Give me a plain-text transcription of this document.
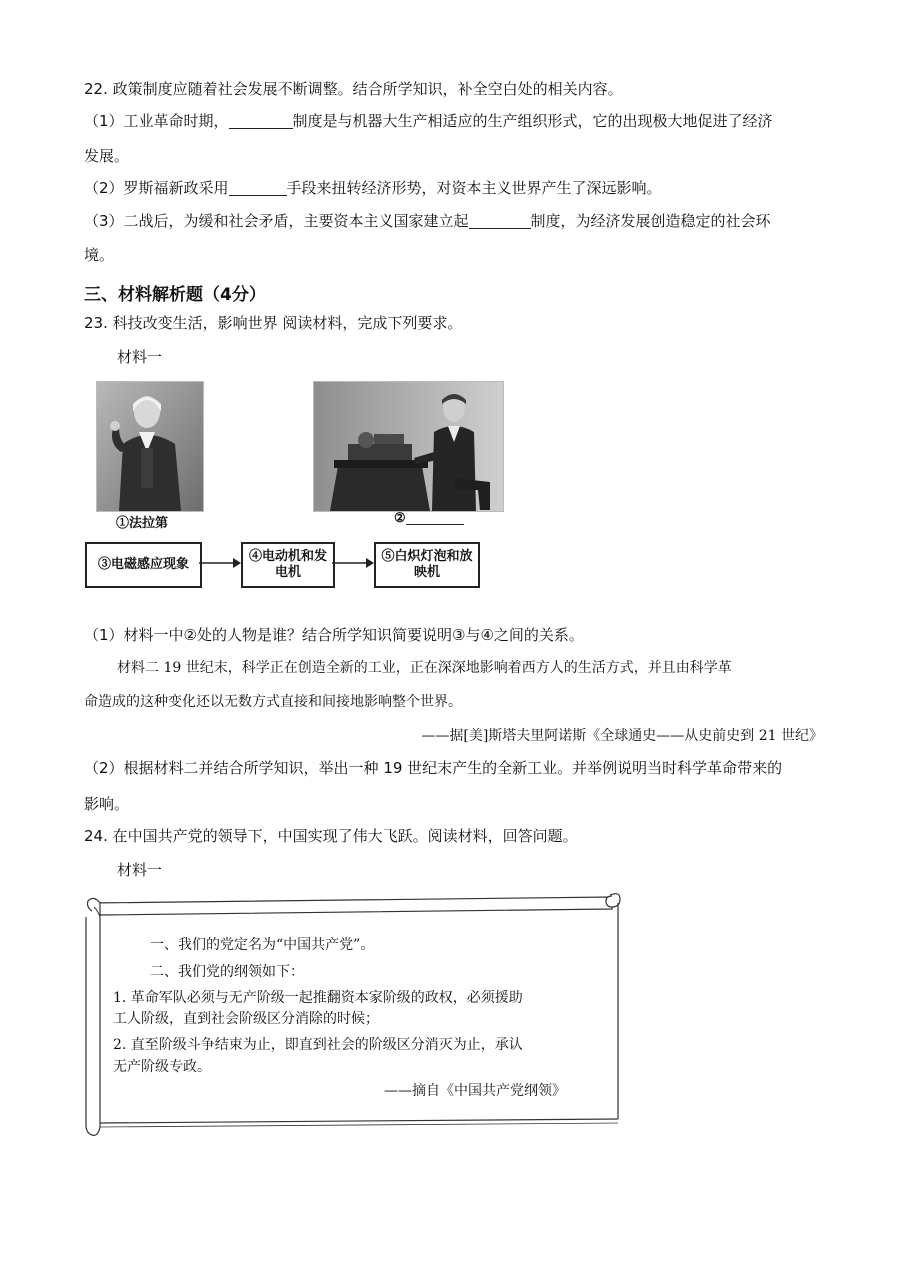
22. 政策制度应随着社会发展不断调整。结合所学知识，补全空白处的相关内容。
（1）工业革命时期，	制度是与机器大生产相适应的生产组织形式，它的出现极大地促进了经济
发展。
（2）罗斯福新政采用	手段来扭转经济形势，对资本主义世界产生了深远影响。
（3）二战后，为缓和社会矛盾，主要资本主义国家建立起	制度，为经济发展创造稳定的社会环
境。
三、材料解析题（4分）
23. 科技改变生活，影响世界 阅读材料，完成下列要求。
材料一
①法拉第	②
③电磁感应现象
④电动机和发电机
⑤白炽灯泡和放映机
（1）材料一中②处的人物是谁？结合所学知识简要说明③与④之间的关系。
材料二 19 世纪末，科学正在创造全新的工业，正在深深地影响着西方人的生活方式，并且由科学革
命造成的这种变化还以无数方式直接和间接地影响整个世界。
——据[美]斯塔夫里阿诺斯《全球通史——从史前史到 21 世纪》
（2）根据材料二并结合所学知识，举出一种 19 世纪末产生的全新工业。并举例说明当时科学革命带来的
影响。
24. 在中国共产党的领导下，中国实现了伟大飞跃。阅读材料，回答问题。
材料一
一、我们的党定名为“中国共产党”。
二、我们党的纲领如下：
1. 革命军队必须与无产阶级一起推翻资本家阶级的政权，必须援助
工人阶级，直到社会阶级区分消除的时候；
2. 直至阶级斗争结束为止，即直到社会的阶级区分消灭为止，承认
无产阶级专政。
——摘自《中国共产党纲领》
